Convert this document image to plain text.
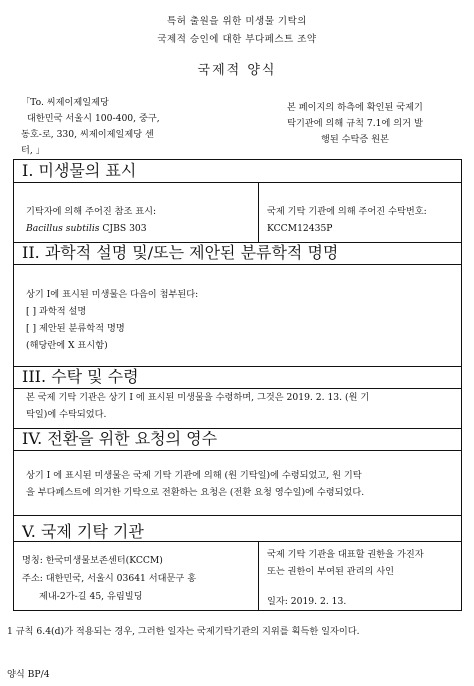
특허 출원을 위한 미생물 기탁의
국제적 승인에 대한 부다페스트 조약
국제적 양식
「To. 씨제이제일제당
대한민국 서울시 100-400, 중구,
동호-로, 330, 씨제이제일제당 센
터, 」
본 페이지의 하측에 확인된 국제기
탁기관에 의해 규칙 7.1에 의거 발
행된 수탁증 원본
I. 미생물의 표시
기탁자에 의해 주어진 참조 표시:
Bacillus subtilis CJBS 303
국제 기탁 기관에 의해 주어진 수탁번호:
KCCM12435P
II. 과학적 설명 및/또는 제안된 분류학적 명명
상기 I에 표시된 미생물은 다음이 첨부된다:
[ ] 과학적 설명
[ ] 제안된 분류학적 명명
(해당란에 X 표시함)
III. 수탁 및 수령
본 국제 기탁 기관은 상기 I 에 표시된 미생물을 수령하며, 그것은 2019. 2. 13. (원 기
탁일)에 수탁되었다.
IV. 전환을 위한 요청의 영수
상기 I 에 표시된 미생물은 국제 기탁 기관에 의해 (원 기탁일)에 수령되었고, 원 기탁
을 부다페스트에 의거한 기탁으로 전환하는 요청은 (전환 요청 영수일)에 수령되었다.
V. 국제 기탁 기관
명칭: 한국미생물보존센터(KCCM)
주소: 대한민국, 서울시 03641 서대문구 홍
제내-2가-길 45, 유림빌딩
국제 기탁 기관을 대표할 권한을 가진자
또는 권한이 부여된 관리의 사인
일자: 2019. 2. 13.
1 규칙 6.4(d)가 적용되는 경우, 그러한 일자는 국제기탁기관의 지위를 획득한 일자이다.
양식 BP/4
